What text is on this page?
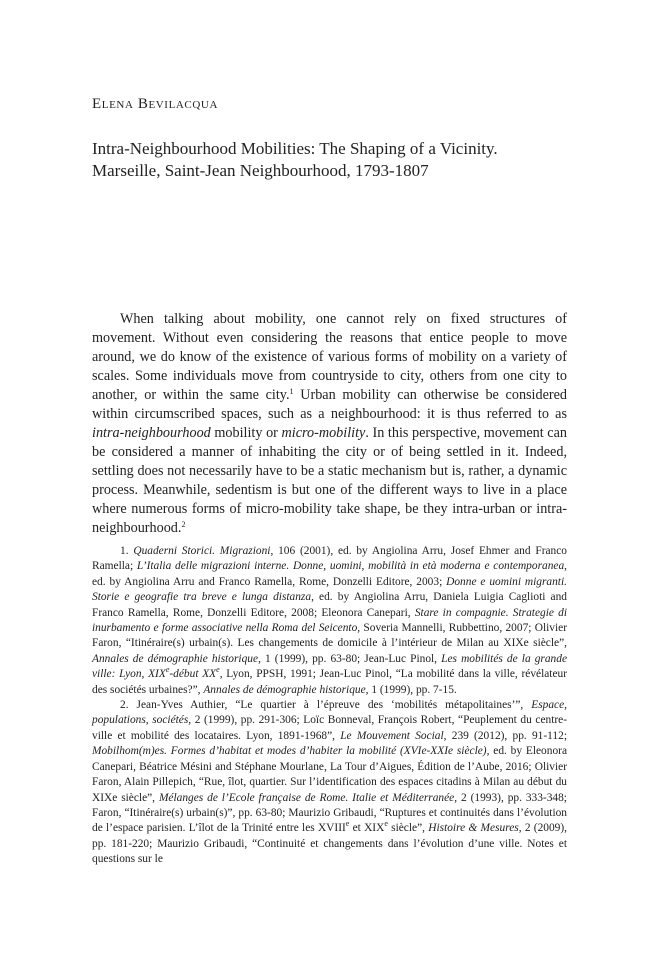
Elena Bevilacqua
Intra-Neighbourhood Mobilities: The Shaping of a Vicinity.
Marseille, Saint-Jean Neighbourhood, 1793-1807

When talking about mobility, one cannot rely on fixed structures of movement. Without even considering the reasons that entice people to move around, we do know of the existence of various forms of mobility on a variety of scales. Some individuals move from countryside to city, others from one city to another, or within the same city.$^1$ Urban mobility can otherwise be considered within circumscribed spaces, such as a neighbourhood: it is thus referred to as intra-neighbourhood mobility or micro-mobility. In this perspective, movement can be considered a manner of inhabiting the city or of being settled in it. Indeed, settling does not necessarily have to be a static mechanism but is, rather, a dynamic process. Meanwhile, sedentism is but one of the different ways to live in a place where numerous forms of micro-mobility take shape, be they intra-urban or intra-neighbourhood.$^2$

1. Quaderni Storici. Migrazioni, 106 (2001), ed. by Angiolina Arru, Josef Ehmer and Franco Ramella; L’Italia delle migrazioni interne. Donne, uomini, mobilità in età moderna e contemporanea, ed. by Angiolina Arru and Franco Ramella, Rome, Donzelli Editore, 2003; Donne e uomini migranti. Storie e geografie tra breve e lunga distanza, ed. by Angiolina Arru, Daniela Luigia Caglioti and Franco Ramella, Rome, Donzelli Editore, 2008; Eleonora Canepari, Stare in compagnie. Strategie di inurbamento e forme associative nella Roma del Seicento, Soveria Mannelli, Rubbettino, 2007; Olivier Faron, “Itinéraire(s) urbain(s). Les changements de domicile à l’intérieur de Milan au XIXe siècle”, Annales de démographie historique, 1 (1999), pp. 63-80; Jean-Luc Pinol, Les mobilités de la grande ville: Lyon, XIXe-début XXe, Lyon, PPSH, 1991; Jean-Luc Pinol, “La mobilité dans la ville, révélateur des sociétés urbaines?”, Annales de démographie historique, 1 (1999), pp. 7-15.

2. Jean-Yves Authier, “Le quartier à l’épreuve des ‘mobilités métapolitaines’”, Espace, populations, sociétés, 2 (1999), pp. 291-306; Loïc Bonneval, François Robert, “Peuplement du centre-ville et mobilité des locataires. Lyon, 1891-1968”, Le Mouvement Social, 239 (2012), pp. 91-112; Mobilhom(m)es. Formes d’habitat et modes d’habiter la mobilité (XVIe-XXIe siècle), ed. by Eleonora Canepari, Béatrice Mésini and Stéphane Mourlane, La Tour d’Aigues, Édition de l’Aube, 2016; Olivier Faron, Alain Pillepich, “Rue, îlot, quartier. Sur l’identification des espaces citadins à Milan au début du XIXe siècle”, Mélanges de l’Ecole française de Rome. Italie et Méditerranée, 2 (1993), pp. 333-348; Faron, “Itinéraire(s) urbain(s)”, pp. 63-80; Maurizio Gribaudi, “Ruptures et continuités dans l’évolution de l’espace parisien. L’îlot de la Trinité entre les XVIIIe et XIXe siècle”, Histoire & Mesures, 2 (2009), pp. 181-220; Maurizio Gribaudi, “Continuité et changements dans l’évolution d’une ville. Notes et questions sur le
